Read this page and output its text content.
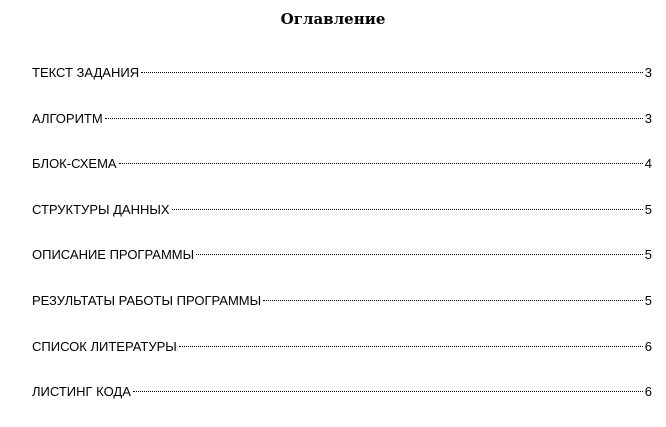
Оглавление
ТЕКСТ ЗАДАНИЯ	3
АЛГОРИТМ	3
БЛОК-СХЕМА	4
СТРУКТУРЫ ДАННЫХ	5
ОПИСАНИЕ ПРОГРАММЫ	5
РЕЗУЛЬТАТЫ РАБОТЫ ПРОГРАММЫ	5
СПИСОК ЛИТЕРАТУРЫ	6
ЛИСТИНГ КОДА	6
